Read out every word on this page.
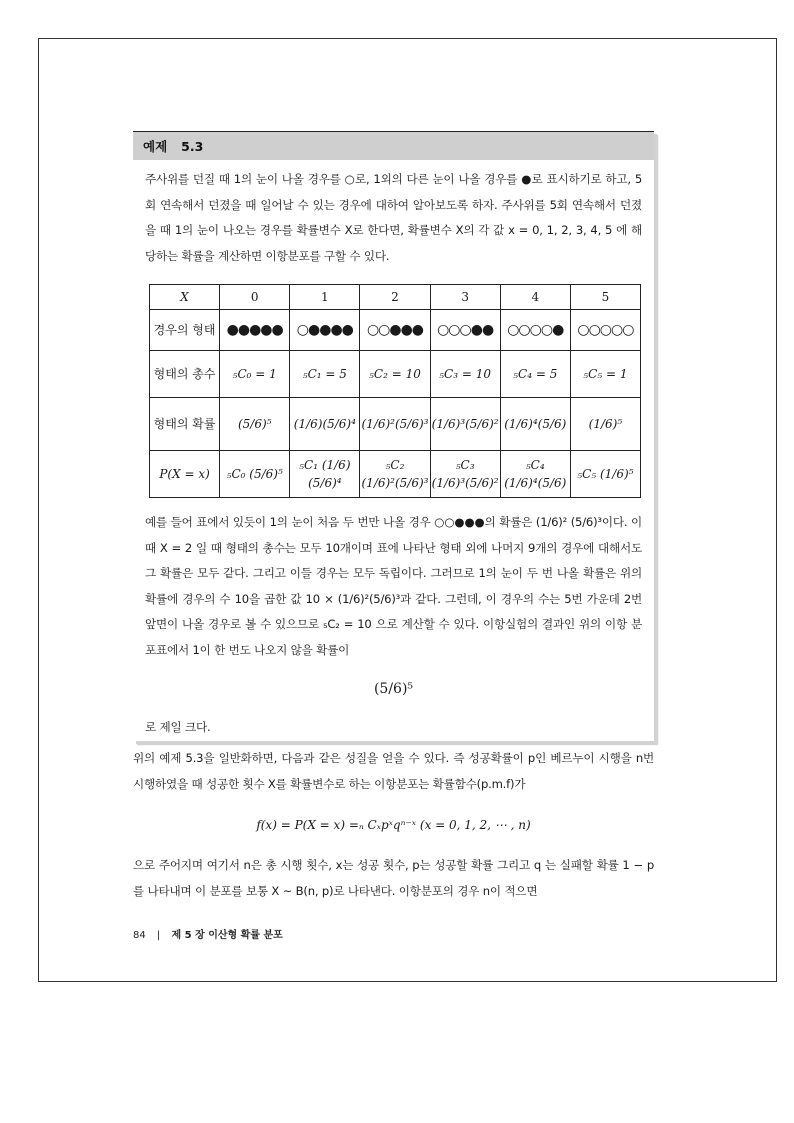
예제 5.3

주사위를 던질 때 1의 눈이 나올 경우를 ○로, 1외의 다른 눈이 나올 경우를 ●로 표시하기로 하고, 5회 연속해서 던졌을 때 일어날 수 있는 경우에 대하여 알아보도록 하자. 주사위를 5회 연속해서 던졌을 때 1의 눈이 나오는 경우를 확률변수 X로 한다면, 확률변수 X의 각 값 x = 0, 1, 2, 3, 4, 5 에 해당하는 확률을 계산하면 이항분포를 구할 수 있다.

X	0	1	2	3	4	5
경우의 형태	●●●●●	○●●●●	○○●●●	○○○●●	○○○○●	○○○○○
형태의 총수	₅C₀ = 1	₅C₁ = 5	₅C₂ = 10	₅C₃ = 10	₅C₄ = 5	₅C₅ = 1
형태의 확률	(5/6)⁵	(1/6)(5/6)⁴	(1/6)²(5/6)³	(1/6)³(5/6)²	(1/6)⁴(5/6)	(1/6)⁵
P(X = x)	₅C₀ (5/6)⁵	₅C₁ (1/6)(5/6)⁴	₅C₂ (1/6)²(5/6)³	₅C₃ (1/6)³(5/6)²	₅C₄ (1/6)⁴(5/6)	₅C₅ (1/6)⁵

예를 들어 표에서 있듯이 1의 눈이 처음 두 번만 나올 경우 ○○●●●의 확률은 (1/6)² (5/6)³이다. 이때 X = 2 일 때 형태의 총수는 모두 10개이며 표에 나타난 형태 외에 나머지 9개의 경우에 대해서도 그 확률은 모두 같다. 그리고 이들 경우는 모두 독립이다. 그러므로 1의 눈이 두 번 나올 확률은 위의 확률에 경우의 수 10을 곱한 값 10 × (1/6)²(5/6)³과 같다. 그런데, 이 경우의 수는 5번 가운데 2번 앞면이 나올 경우로 볼 수 있으므로 ₅C₂ = 10 으로 계산할 수 있다. 이항실험의 결과인 위의 이항 분포표에서 1이 한 번도 나오지 않을 확률이

(5/6)⁵

로 제일 크다.

위의 예제 5.3을 일반화하면, 다음과 같은 성질을 얻을 수 있다. 즉 성공확률이 p인 베르누이 시행을 n번 시행하였을 때 성공한 횟수 X를 확률변수로 하는 이항분포는 확률함수(p.m.f)가

f(x) = P(X = x) =ₙ Cₓpˣqⁿ⁻ˣ (x = 0, 1, 2, ⋯ , n)

으로 주어지며 여기서 n은 총 시행 횟수, x는 성공 횟수, p는 성공할 확률 그리고 q 는 실패할 확률 1 − p 를 나타내며 이 분포를 보통 X ∼ B(n, p)로 나타낸다. 이항분포의 경우 n이 적으면

84 | 제 5 장 이산형 확률 분포
